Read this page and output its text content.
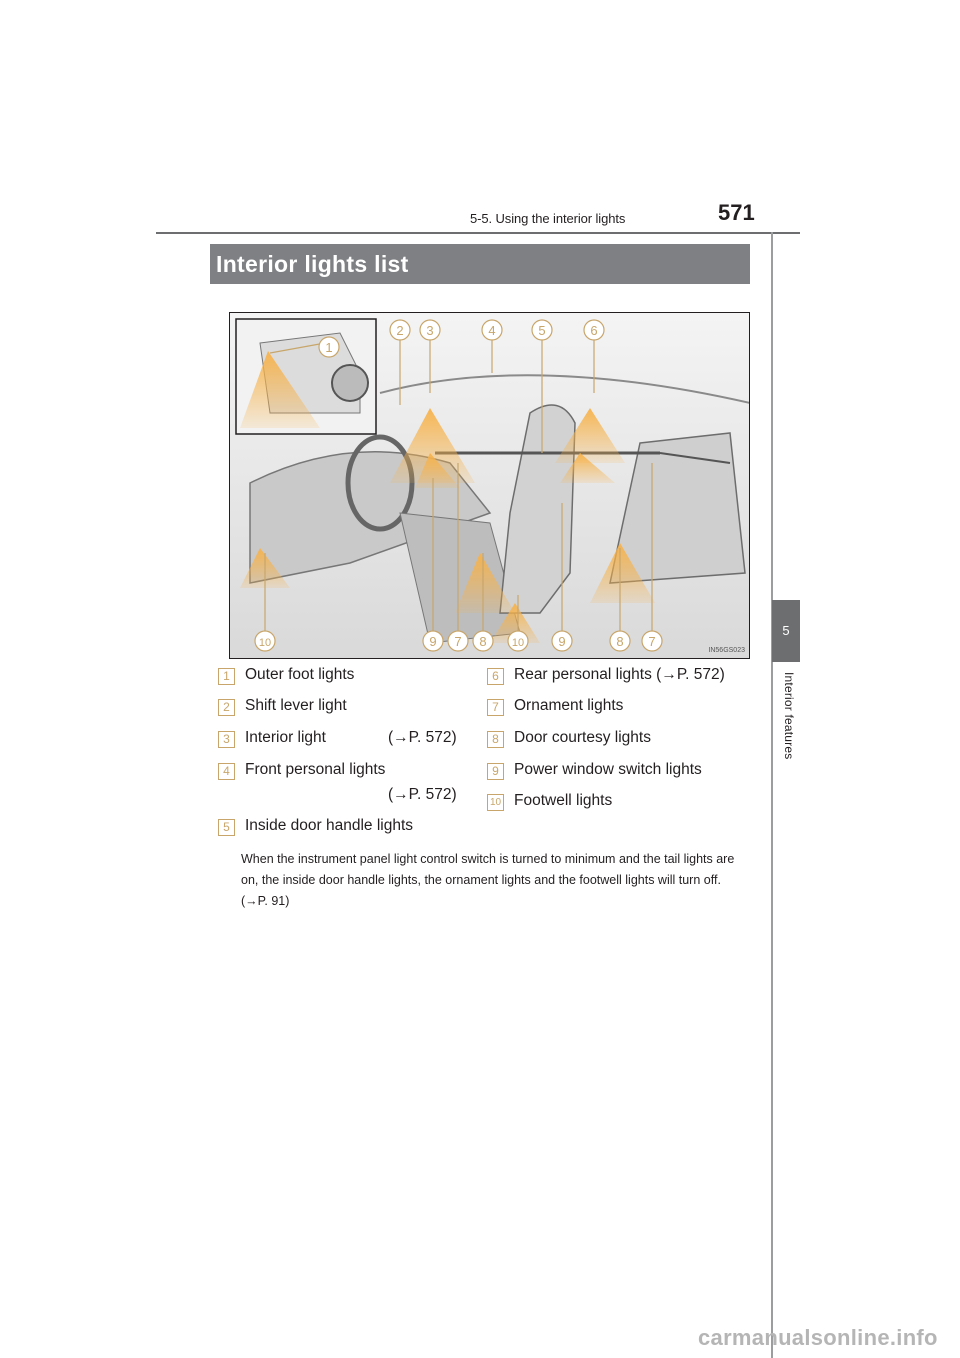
5-5. Using the interior lights	571
5
Interior features
Interior lights list
2 3	4	5	6
1
10	9 7 8 10	9	8 7
IN56GS023
1 Outer foot lights
2 Shift lever light
3 Interior light	(→P. 572)
4 Front personal lights
(→P. 572)
5 Inside door handle lights
6 Rear personal lights (→P. 572)
7 Ornament lights
8 Door courtesy lights
9 Power window switch lights
10 Footwell lights
When the instrument panel light control switch is turned to minimum and the tail lights are on, the inside door handle lights, the ornament lights and the footwell lights will turn off. (→P. 91)
carmanualsonline.info
